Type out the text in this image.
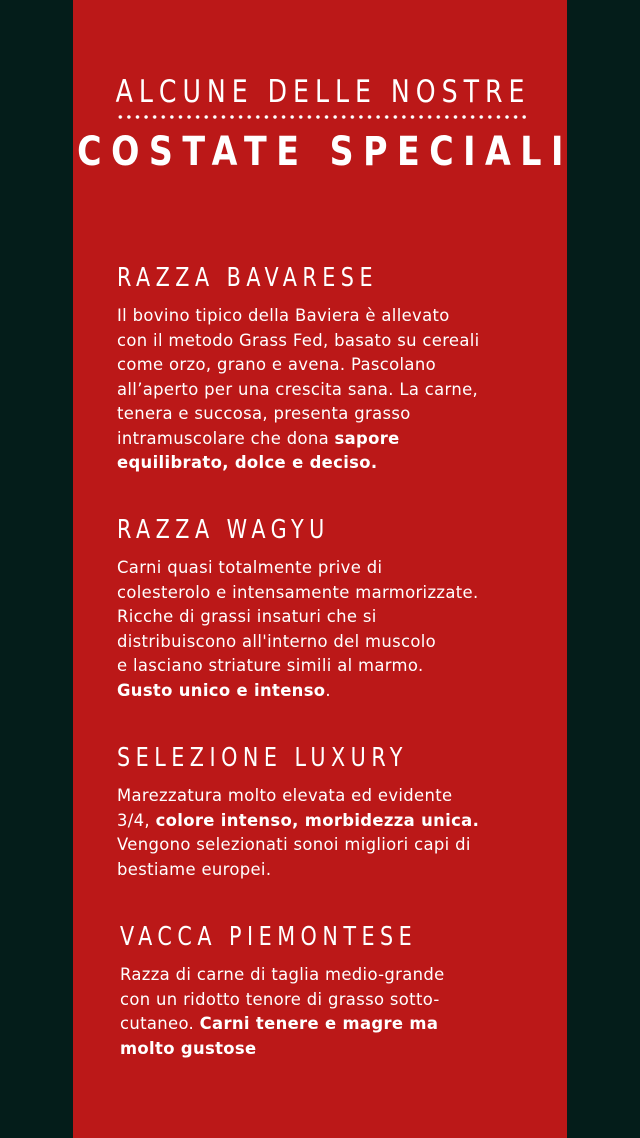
ALCUNE DELLE NOSTRE
COSTATE SPECIALI
RAZZA BAVARESE

Il bovino tipico della Baviera è allevato
con il metodo Grass Fed, basato su cereali
come orzo, grano e avena. Pascolano
all’aperto per una crescita sana. La carne,
tenera e succosa, presenta grasso
intramuscolare che dona sapore
equilibrato, dolce e deciso.

RAZZA WAGYU

Carni quasi totalmente prive di
colesterolo e intensamente marmorizzate.
Ricche di grassi insaturi che si
distribuiscono all'interno del muscolo
e lasciano striature simili al marmo.
Gusto unico e intenso.

SELEZIONE LUXURY

Marezzatura molto elevata ed evidente
3/4, colore intenso, morbidezza unica.
Vengono selezionati sonoi migliori capi di
bestiame europei.

VACCA PIEMONTESE

Razza di carne di taglia medio-grande
con un ridotto tenore di grasso sotto-
cutaneo. Carni tenere e magre ma
molto gustose
